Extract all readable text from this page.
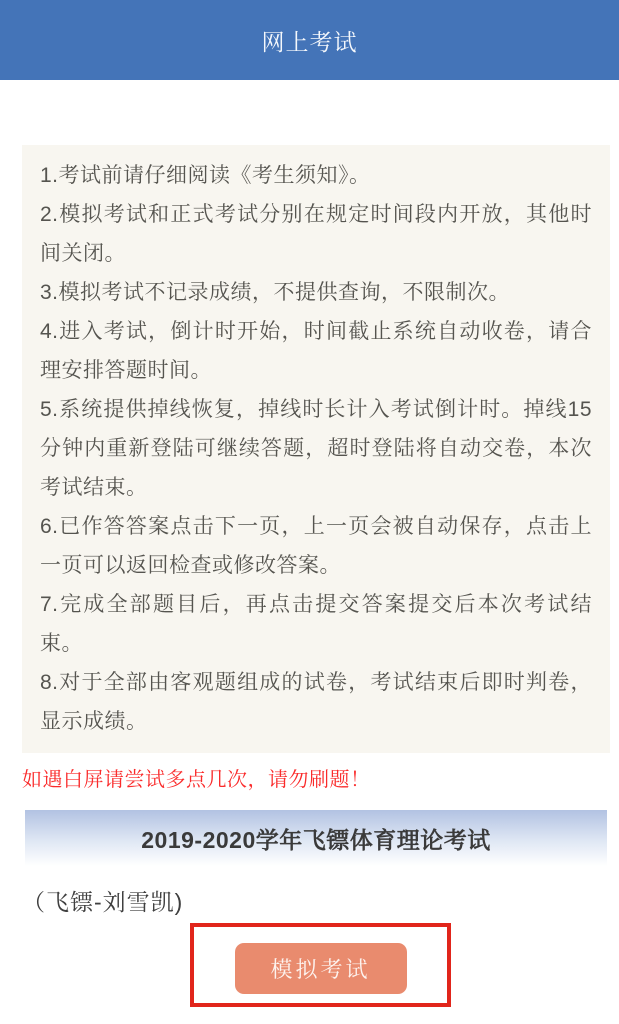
网上考试

1.考试前请仔细阅读《考生须知》。

2.模拟考试和正式考试分别在规定时间段内开放，其他时间关闭。

3.模拟考试不记录成绩，不提供查询，不限制次。

4.进入考试，倒计时开始，时间截止系统自动收卷，请合理安排答题时间。

5.系统提供掉线恢复，掉线时长计入考试倒计时。掉线15分钟内重新登陆可继续答题，超时登陆将自动交卷，本次考试结束。

6.已作答答案点击下一页，上一页会被自动保存，点击上一页可以返回检查或修改答案。

7.完成全部题目后，再点击提交答案提交后本次考试结束。

8.对于全部由客观题组成的试卷，考试结束后即时判卷，显示成绩。

如遇白屏请尝试多点几次，请勿刷题！
2019-2020学年飞镖体育理论考试
（飞镖-刘雪凯)
模拟考试
